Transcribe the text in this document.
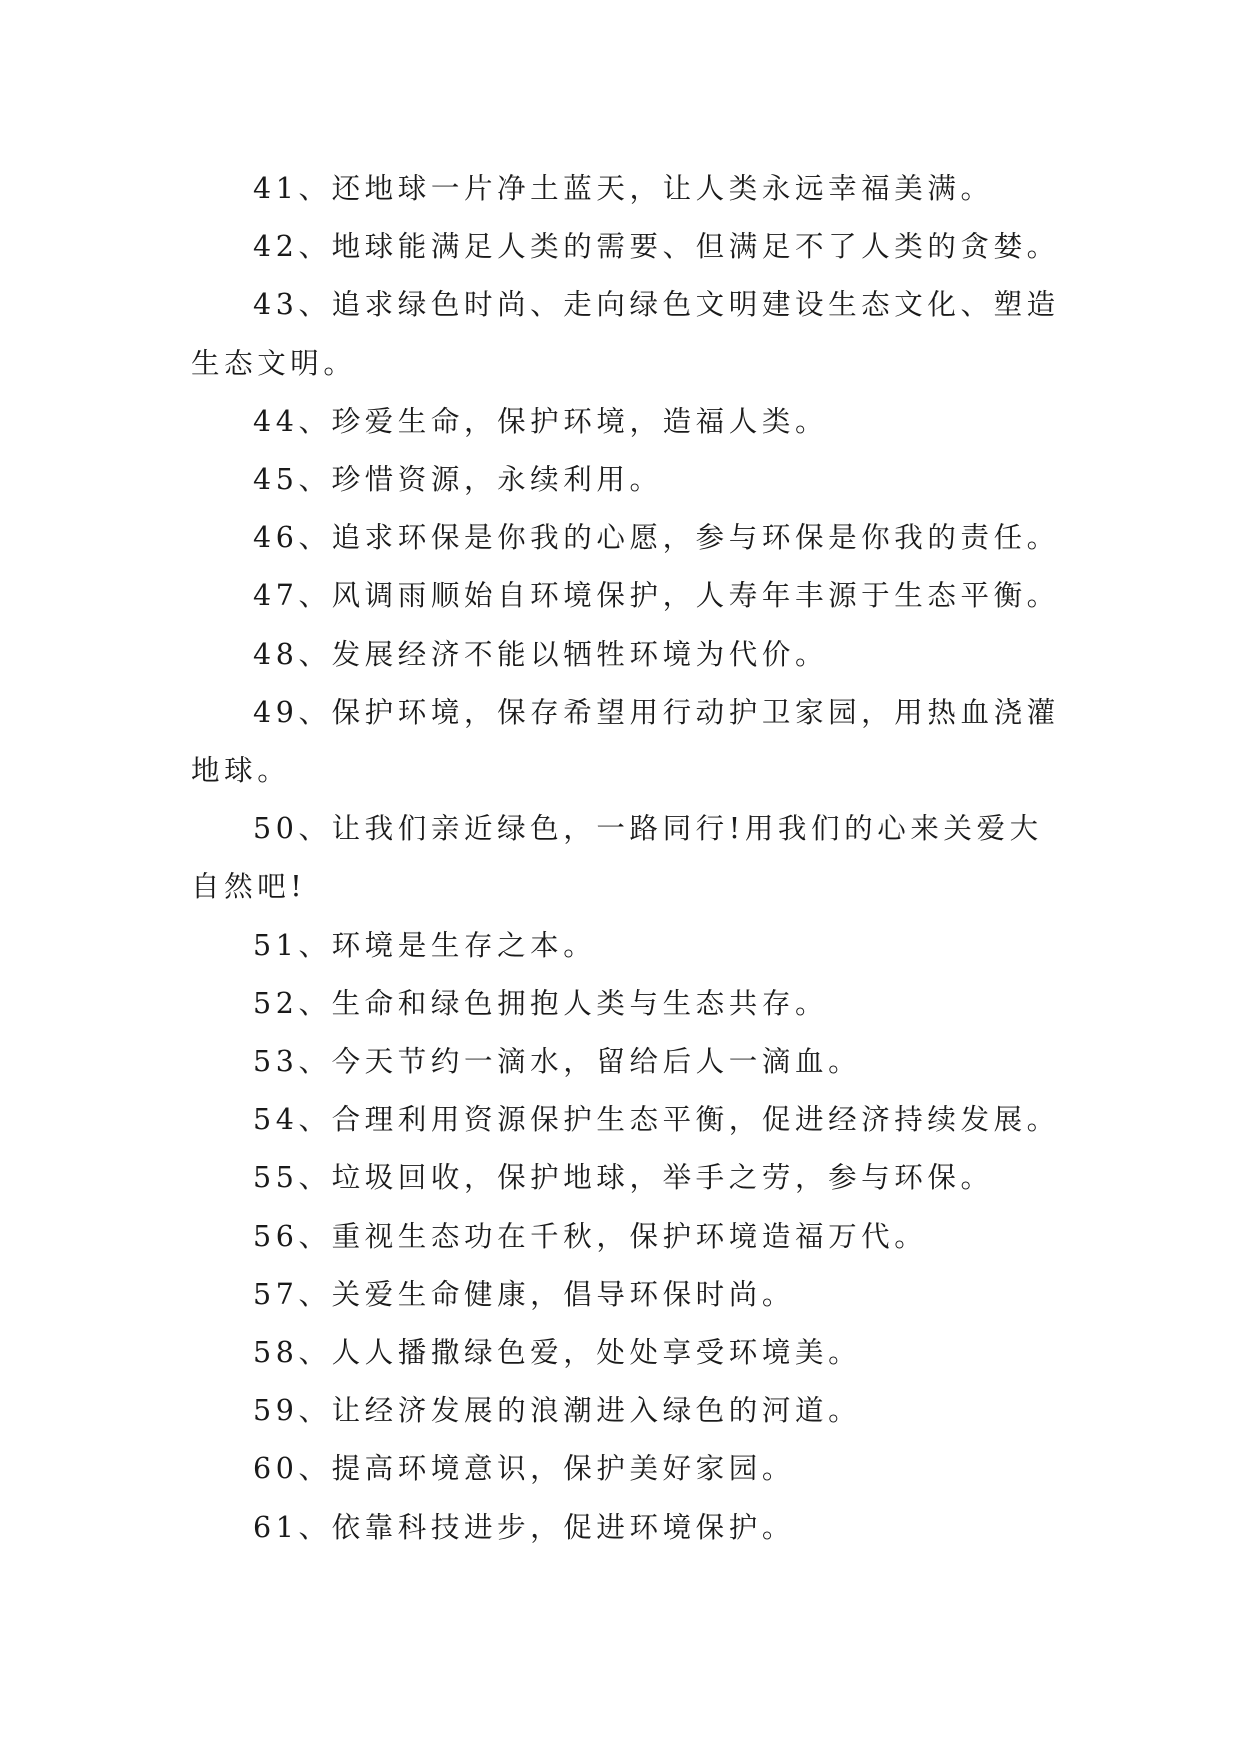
41、还地球一片净土蓝天，让人类永远幸福美满。

42、地球能满足人类的需要、但满足不了人类的贪婪。

43、追求绿色时尚、走向绿色文明建设生态文化、塑造生态文明。

44、珍爱生命，保护环境，造福人类。

45、珍惜资源，永续利用。

46、追求环保是你我的心愿，参与环保是你我的责任。

47、风调雨顺始自环境保护，人寿年丰源于生态平衡。

48、发展经济不能以牺牲环境为代价。

49、保护环境，保存希望用行动护卫家园，用热血浇灌地球。

50、让我们亲近绿色，一路同行!用我们的心来关爱大自然吧!

51、环境是生存之本。

52、生命和绿色拥抱人类与生态共存。

53、今天节约一滴水，留给后人一滴血。

54、合理利用资源保护生态平衡，促进经济持续发展。

55、垃圾回收，保护地球，举手之劳，参与环保。

56、重视生态功在千秋，保护环境造福万代。

57、关爱生命健康，倡导环保时尚。

58、人人播撒绿色爱，处处享受环境美。

59、让经济发展的浪潮进入绿色的河道。

60、提高环境意识，保护美好家园。

61、依靠科技进步，促进环境保护。
